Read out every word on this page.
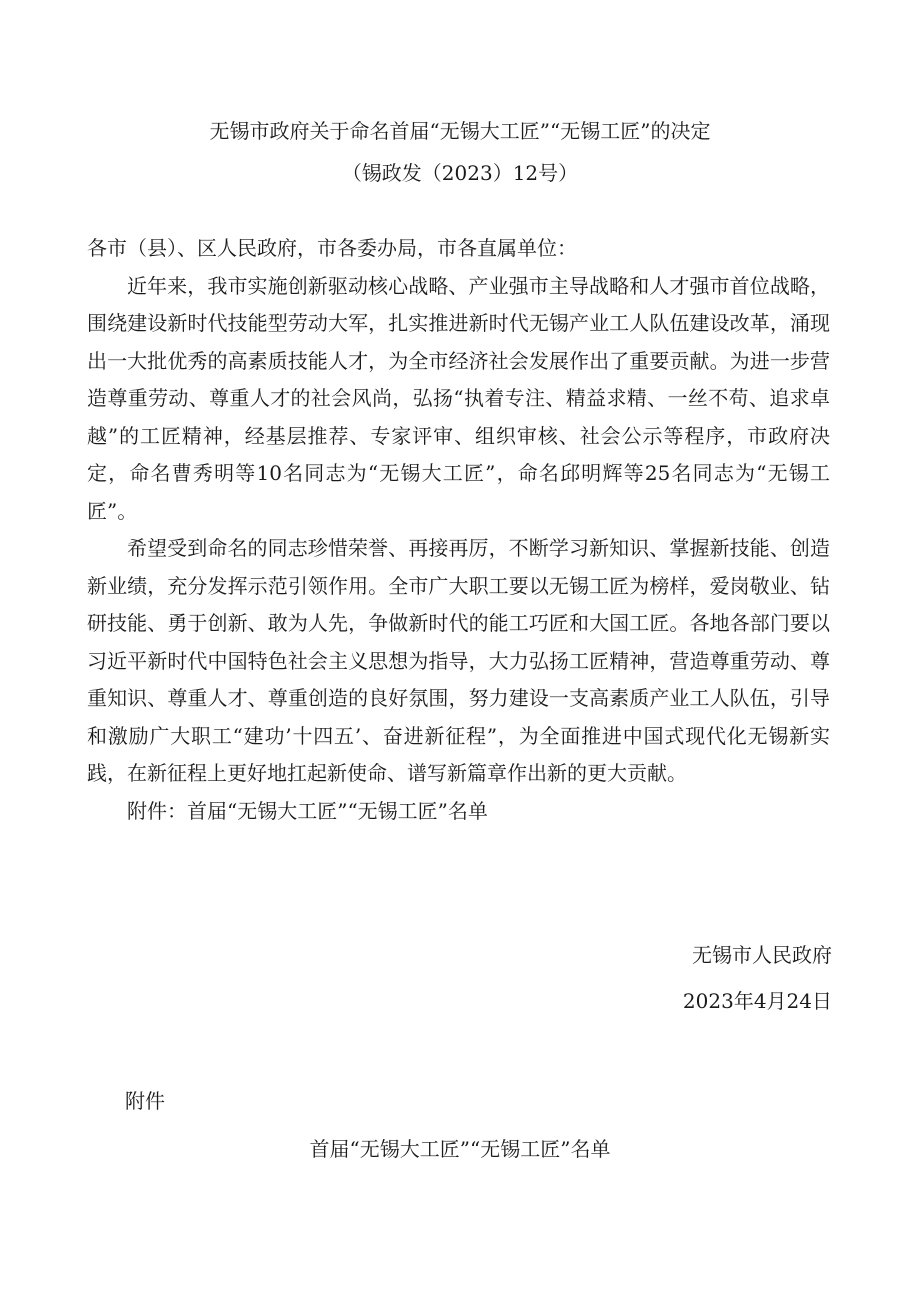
无锡市政府关于命名首届“无锡大工匠”“无锡工匠”的决定
（锡政发（2023）12号）

各市（县）、区人民政府，市各委办局，市各直属单位：

近年来，我市实施创新驱动核心战略、产业强市主导战略和人才强市首位战略，围绕建设新时代技能型劳动大军，扎实推进新时代无锡产业工人队伍建设改革，涌现出一大批优秀的高素质技能人才，为全市经济社会发展作出了重要贡献。为进一步营造尊重劳动、尊重人才的社会风尚，弘扬“执着专注、精益求精、一丝不苟、追求卓越”的工匠精神，经基层推荐、专家评审、组织审核、社会公示等程序，市政府决定，命名曹秀明等10名同志为“无锡大工匠”，命名邱明辉等25名同志为“无锡工匠”。

希望受到命名的同志珍惜荣誉、再接再厉，不断学习新知识、掌握新技能、创造新业绩，充分发挥示范引领作用。全市广大职工要以无锡工匠为榜样，爱岗敬业、钻研技能、勇于创新、敢为人先，争做新时代的能工巧匠和大国工匠。各地各部门要以习近平新时代中国特色社会主义思想为指导，大力弘扬工匠精神，营造尊重劳动、尊重知识、尊重人才、尊重创造的良好氛围，努力建设一支高素质产业工人队伍，引导和激励广大职工“建功’十四五’、奋进新征程”，为全面推进中国式现代化无锡新实践，在新征程上更好地扛起新使命、谱写新篇章作出新的更大贡献。

附件：首届“无锡大工匠”“无锡工匠”名单

无锡市人民政府
2023年4月24日
附件
首届“无锡大工匠”“无锡工匠”名单
